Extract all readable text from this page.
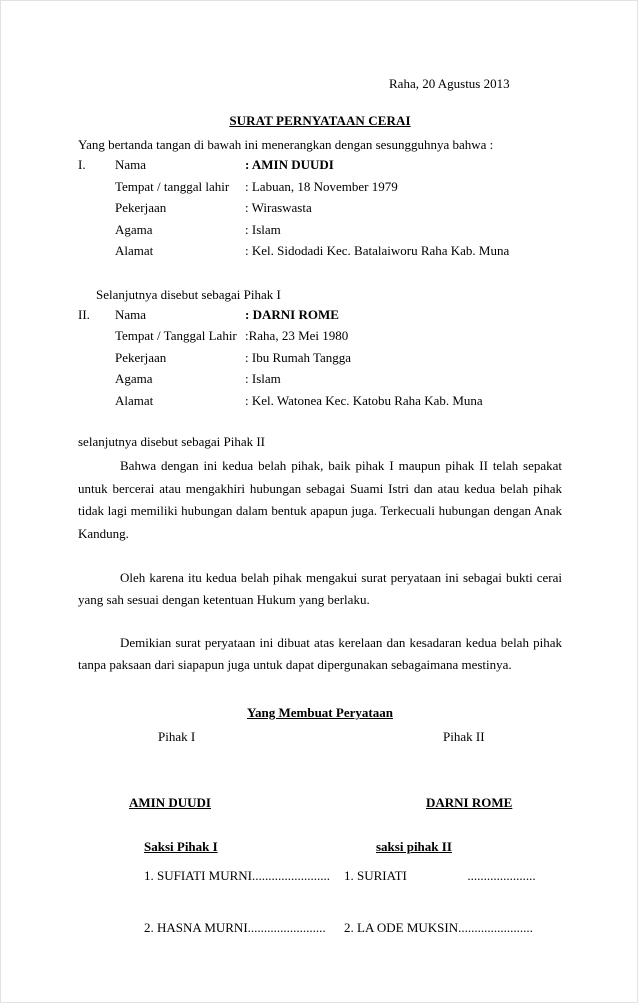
Raha, 20 Agustus 2013
SURAT PERNYATAAN CERAI
Yang bertanda tangan di bawah ini menerangkan dengan sesungguhnya bahwa :
I.	Nama	: AMIN DUUDI
	Tempat / tanggal lahir	: Labuan, 18 November 1979
	Pekerjaan	: Wiraswasta
	Agama	: Islam
	Alamat	: Kel. Sidodadi Kec. Batalaiworu Raha Kab. Muna
Selanjutnya disebut sebagai Pihak I
II.	Nama	: DARNI ROME
	Tempat / Tanggal Lahir	:Raha, 23 Mei 1980
	Pekerjaan	: Ibu Rumah Tangga
	Agama	: Islam
	Alamat	: Kel. Watonea Kec. Katobu Raha Kab. Muna
selanjutnya disebut sebagai Pihak II
Bahwa dengan ini kedua belah pihak, baik pihak I maupun pihak II telah sepakat untuk bercerai atau mengakhiri hubungan sebagai Suami Istri dan atau kedua belah pihak tidak lagi memiliki hubungan dalam bentuk apapun juga. Terkecuali hubungan dengan Anak Kandung.
Oleh karena itu kedua belah pihak mengakui surat peryataan ini sebagai bukti cerai yang sah sesuai dengan ketentuan Hukum yang berlaku.
Demikian surat peryataan ini dibuat atas kerelaan dan kesadaran kedua belah pihak tanpa paksaan dari siapapun juga untuk dapat dipergunakan sebagaimana mestinya.
Yang Membuat Peryataan
Pihak I	Pihak II
AMIN DUUDI	DARNI ROME
Saksi Pihak I	saksi pihak II
1. SUFIATI MURNI........................ 1. SURIATI	.....................
2. HASNA MURNI........................ 2. LA ODE MUKSIN.......................
